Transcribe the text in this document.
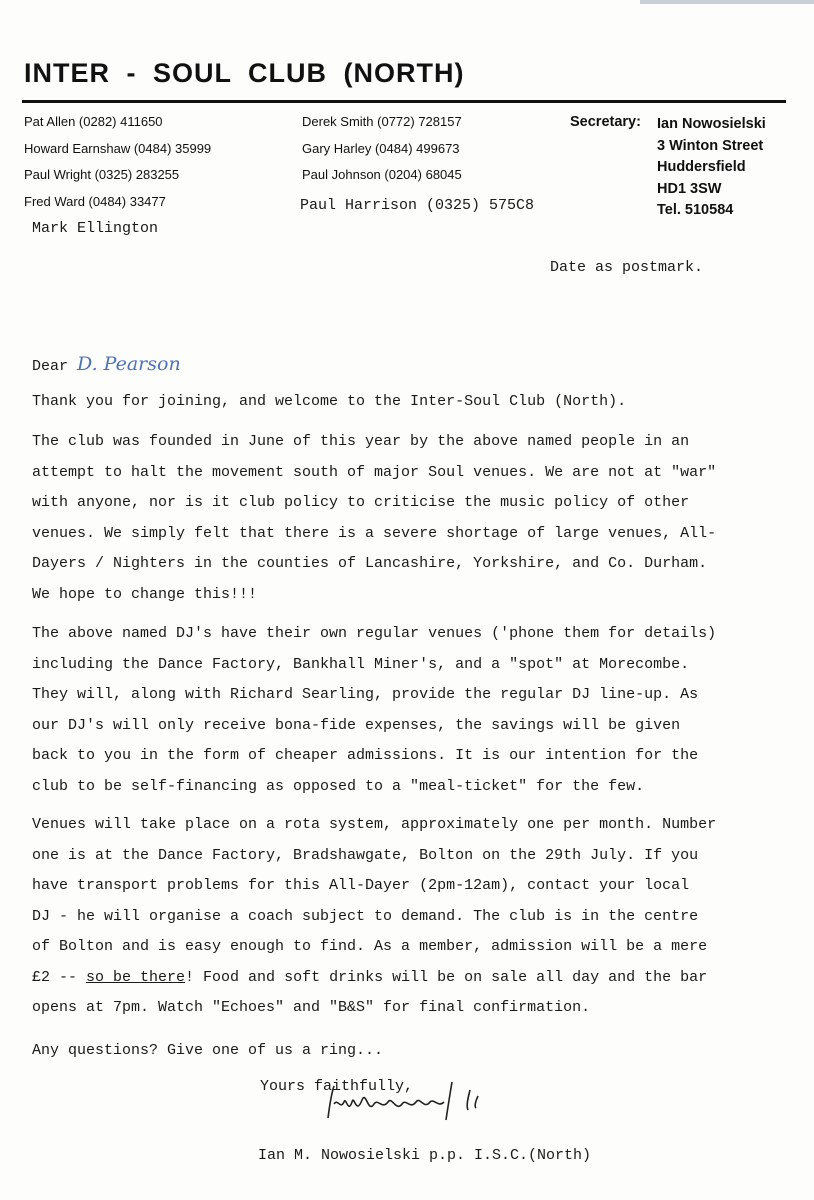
INTER - SOUL CLUB (NORTH)
Pat Allen (0282) 411650
Howard Earnshaw (0484) 35999
Paul Wright (0325) 283255
Fred Ward (0484) 33477
Derek Smith (0772) 728157
Gary Harley (0484) 499673
Paul Johnson (0204) 68045
Paul Harrison (0325) 575C8
Mark Ellington
Secretary: Ian Nowosielski
3 Winton Street
Huddersfield
HD1 3SW
Tel. 510584
Date as postmark.
Dear D. Pearson
Thank you for joining, and welcome to the Inter-Soul Club (North).
The club was founded in June of this year by the above named people in an
attempt to halt the movement south of major Soul venues. We are not at "war"
with anyone, nor is it club policy to criticise the music policy of other
venues. We simply felt that there is a severe shortage of large venues, All-
Dayers / Nighters in the counties of Lancashire, Yorkshire, and Co. Durham.
We hope to change this!!!
The above named DJ's have their own regular venues ('phone them for details)
including the Dance Factory, Bankhall Miner's, and a "spot" at Morecombe.
They will, along with Richard Searling, provide the regular DJ line-up. As
our DJ's will only receive bona-fide expenses, the savings will be given
back to you in the form of cheaper admissions. It is our intention for the
club to be self-financing as opposed to a "meal-ticket" for the few.
Venues will take place on a rota system, approximately one per month. Number
one is at the Dance Factory, Bradshawgate, Bolton on the 29th July. If you
have transport problems for this All-Dayer (2pm-12am), contact your local
DJ - he will organise a coach subject to demand. The club is in the centre
of Bolton and is easy enough to find. As a member, admission will be a mere
£2 -- so be there! Food and soft drinks will be on sale all day and the bar
opens at 7pm. Watch "Echoes" and "B&S" for final confirmation.
Any questions? Give one of us a ring...
Yours faithfully,
Ian M. Nowosielski p.p. I.S.C.(North)
